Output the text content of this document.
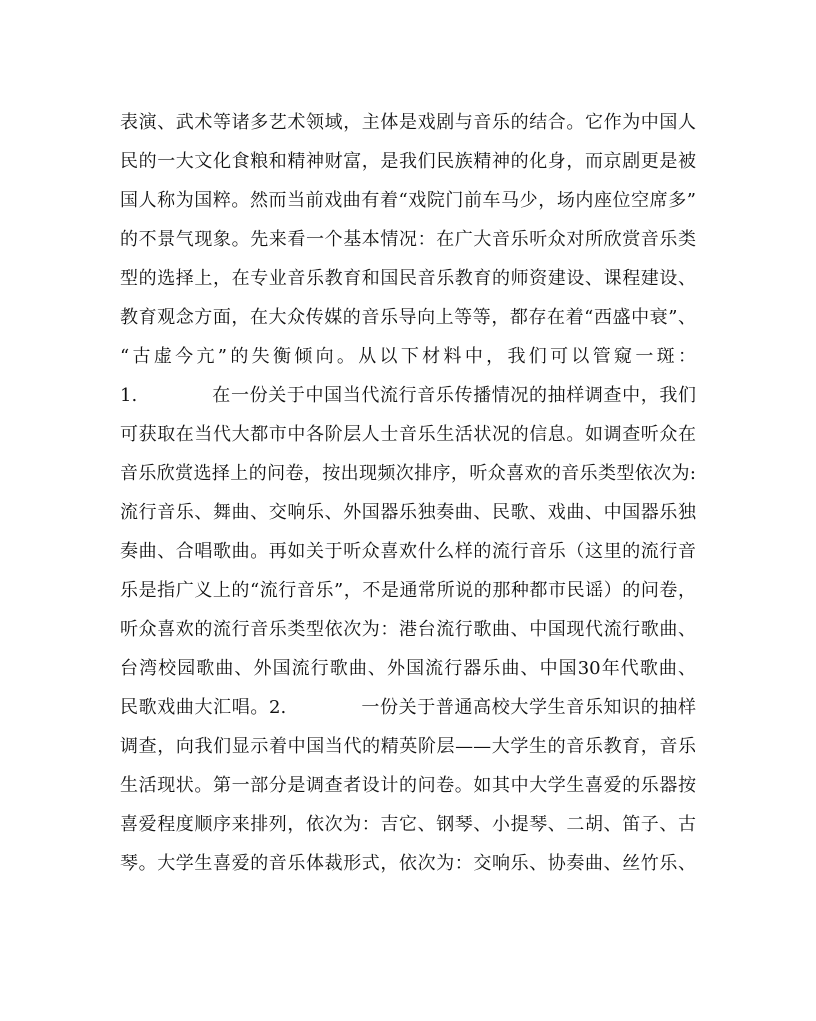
表演、武术等诸多艺术领域，主体是戏剧与音乐的结合。它作为中国人
民的一大文化食粮和精神财富，是我们民族精神的化身，而京剧更是被
国人称为国粹。然而当前戏曲有着“戏院门前车马少，场内座位空席多”
的不景气现象。先来看一个基本情况：在广大音乐听众对所欣赏音乐类
型的选择上，在专业音乐教育和国民音乐教育的师资建设、课程建设、
教育观念方面，在大众传媒的音乐导向上等等，都存在着“西盛中衰”、
“古虚今亢”的失衡倾向。从以下材料中，我们可以管窥一斑：
1.　　　　在一份关于中国当代流行音乐传播情况的抽样调查中，我们
可获取在当代大都市中各阶层人士音乐生活状况的信息。如调查听众在
音乐欣赏选择上的问卷，按出现频次排序，听众喜欢的音乐类型依次为:
流行音乐、舞曲、交响乐、外国器乐独奏曲、民歌、戏曲、中国器乐独
奏曲、合唱歌曲。再如关于听众喜欢什么样的流行音乐（这里的流行音
乐是指广义上的“流行音乐”，不是通常所说的那种都市民谣）的问卷，
听众喜欢的流行音乐类型依次为：港台流行歌曲、中国现代流行歌曲、
台湾校园歌曲、外国流行歌曲、外国流行器乐曲、中国30年代歌曲、
民歌戏曲大汇唱。2.　　　　一份关于普通高校大学生音乐知识的抽样
调查，向我们显示着中国当代的精英阶层——大学生的音乐教育，音乐
生活现状。第一部分是调查者设计的问卷。如其中大学生喜爱的乐器按
喜爱程度顺序来排列，依次为：吉它、钢琴、小提琴、二胡、笛子、古
琴。大学生喜爱的音乐体裁形式，依次为：交响乐、协奏曲、丝竹乐、
